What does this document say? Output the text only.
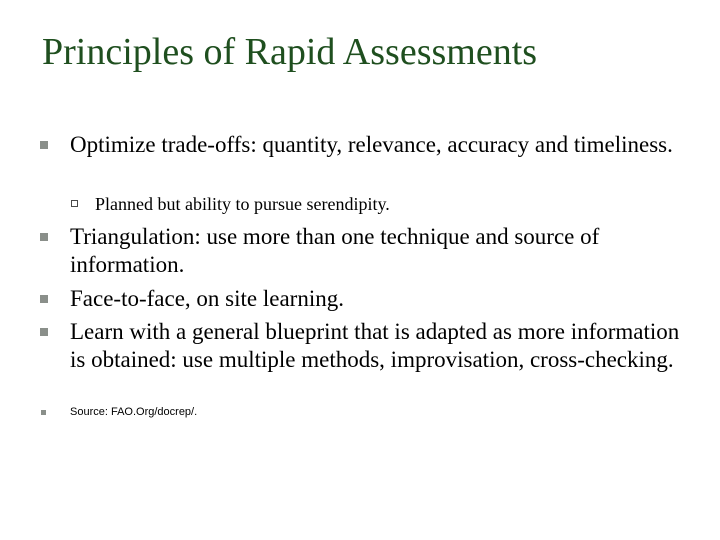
Principles of Rapid Assessments
Optimize trade-offs: quantity, relevance, accuracy and timeliness.
Planned but ability to pursue serendipity.
Triangulation: use more than one technique and source of information.
Face-to-face, on site learning.
Learn with a general blueprint that is adapted as more information is obtained: use multiple methods, improvisation, cross-checking.
Source: FAO.Org/docrep/.
